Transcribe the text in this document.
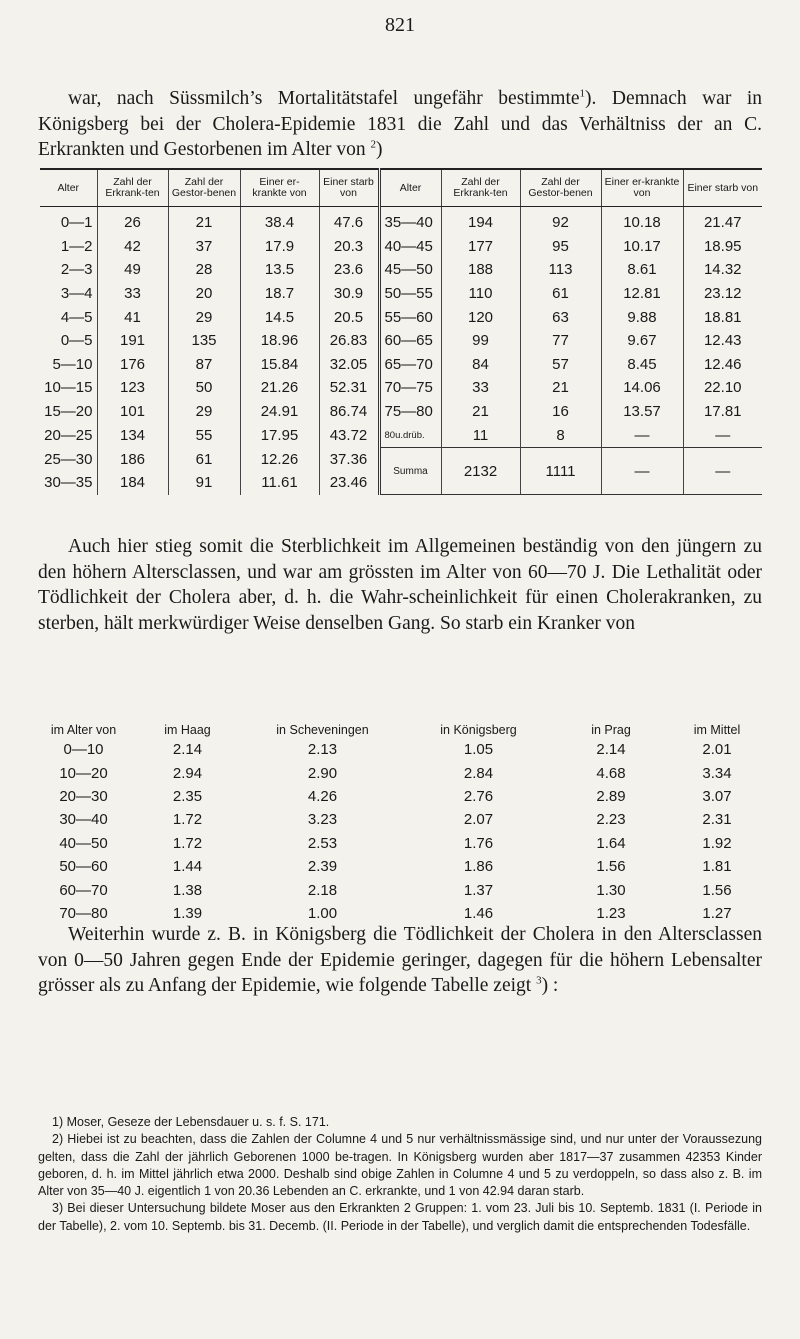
821

war, nach Süssmilch’s Mortalitätstafel ungefähr bestimmte$^1$). Demnach war in Königsberg bei der Cholera-Epidemie 1831 die Zahl und das Verhältniss der an C. Erkrankten und Gestorbenen im Alter von $^2$)

Alter	Zahl der Erkrank-ten	Zahl der Gestor-benen	Einer er-krankte von	Einer starb von	Alter	Zahl der Erkrank-ten	Zahl der Gestor-benen	Einer er-krankte von	Einer starb von
0—1	26	21	38.4	47.6	35—40	194	92	10.18	21.47
1—2	42	37	17.9	20.3	40—45	177	95	10.17	18.95
2—3	49	28	13.5	23.6	45—50	188	113	8.61	14.32
3—4	33	20	18.7	30.9	50—55	110	61	12.81	23.12
4—5	41	29	14.5	20.5	55—60	120	63	9.88	18.81
0—5	191	135	18.96	26.83	60—65	99	77	9.67	12.43
5—10	176	87	15.84	32.05	65—70	84	57	8.45	12.46
10—15	123	50	21.26	52.31	70—75	33	21	14.06	22.10
15—20	101	29	24.91	86.74	75—80	21	16	13.57	17.81
20—25	134	55	17.95	43.72	80u.drüb.	11	8	—	—
25—30	186	61	12.26	37.36	Summa	2132	1111	—	—
30—35	184	91	11.61	23.46					

Auch hier stieg somit die Sterblichkeit im Allgemeinen beständig von den jüngern zu den höhern Altersclassen, und war am grössten im Alter von 60—70 J. Die Lethalität oder Tödlichkeit der Cholera aber, d. h. die Wahr-scheinlichkeit für einen Cholerakranken, zu sterben, hält merkwürdiger Weise denselben Gang. So starb ein Kranker von

im Alter von	im Haag	in Scheveningen	in Königsberg	in Prag	im Mittel
0—10	2.14	2.13	1.05	2.14	2.01
10—20	2.94	2.90	2.84	4.68	3.34
20—30	2.35	4.26	2.76	2.89	3.07
30—40	1.72	3.23	2.07	2.23	2.31
40—50	1.72	2.53	1.76	1.64	1.92
50—60	1.44	2.39	1.86	1.56	1.81
60—70	1.38	2.18	1.37	1.30	1.56
70—80	1.39	1.00	1.46	1.23	1.27

Weiterhin wurde z. B. in Königsberg die Tödlichkeit der Cholera in den Altersclassen von 0—50 Jahren gegen Ende der Epidemie geringer, dagegen für die höhern Lebensalter grösser als zu Anfang der Epidemie, wie folgende Tabelle zeigt $^3$) :

1) Moser, Geseze der Lebensdauer u. s. f. S. 171.

2) Hiebei ist zu beachten, dass die Zahlen der Columne 4 und 5 nur verhältnissmässige sind, und nur unter der Voraussezung gelten, dass die Zahl der jährlich Geborenen 1000 be-tragen. In Königsberg wurden aber 1817—37 zusammen 42353 Kinder geboren, d. h. im Mittel jährlich etwa 2000. Deshalb sind obige Zahlen in Columne 4 und 5 zu verdoppeln, so dass also z. B. im Alter von 35—40 J. eigentlich 1 von 20.36 Lebenden an C. erkrankte, und 1 von 42.94 daran starb.

3) Bei dieser Untersuchung bildete Moser aus den Erkrankten 2 Gruppen: 1. vom 23. Juli bis 10. Septemb. 1831 (I. Periode in der Tabelle), 2. vom 10. Septemb. bis 31. Decemb. (II. Periode in der Tabelle), und verglich damit die entsprechenden Todesfälle.
